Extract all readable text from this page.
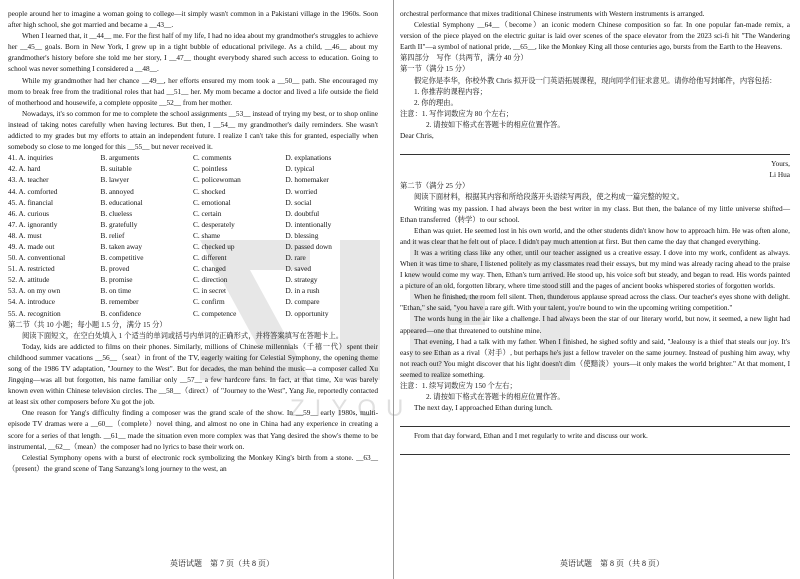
ZIYOU

people around her to imagine a woman going to college—it simply wasn't common in a Pakistani village in the 1960s. Soon after high school, she got married and became a __43__.

When I learned that, it __44__ me. For the first half of my life, I had no idea about my grandmother's struggles to achieve her __45__ goals. Born in New York, I grew up in a tight bubble of educational privilege. As a child, __46__ about my grandmother's history before she told me her story, I __47__ thought everybody shared such access to education. Going to school was never something I considered a __48__.

While my grandmother had her chance __49__, her efforts ensured my mom took a __50__ path. She encouraged my mom to break free from the traditional roles that had __51__ her. My mom became a doctor and lived a life outside the field of motherhood and housewife, a complete opposite __52__ from her mother.

Nowadays, it's so common for me to complete the school assignments __53__ instead of trying my best, or to shop online instead of taking notes carefully when having lectures. But then, I __54__ my grandmother's daily reminders. She wasn't addicted to my grades but my efforts to attain an independent future. I realize I can't take this for granted, especially when somebody so close to me longed for this __55__ but never received it.

41. A. inquiries	B. arguments	C. comments	D. explanations
42. A. hard	B. suitable	C. pointless	D. typical
43. A. teacher	B. lawyer	C. policewoman	D. homemaker
44. A. comforted	B. annoyed	C. shocked	D. worried
45. A. financial	B. educational	C. emotional	D. social
46. A. curious	B. clueless	C. certain	D. doubtful
47. A. ignorantly	B. gratefully	C. desperately	D. intentionally
48. A. must	B. relief	C. shame	D. blessing
49. A. made out	B. taken away	C. checked up	D. passed down
50. A. conventional	B. competitive	C. different	D. rare
51. A. restricted	B. proved	C. changed	D. saved
52. A. attitude	B. promise	C. direction	D. strategy
53. A. on my own	B. on time	C. in secret	D. in a rush
54. A. introduce	B. remember	C. confirm	D. compare
55. A. recognition	B. confidence	C. competence	D. opportunity

第二节（共 10 小题；每小题 1.5 分，满分 15 分）

阅读下面短文，在空白处填入 1 个适当的单词或括号内单词的正确形式，并将答案填写在答题卡上。

Today, kids are addicted to films on their phones. Similarly, millions of Chinese millennials（千禧一代）spent their childhood summer vacations __56__（seat）in front of the TV, eagerly waiting for Celestial Symphony, the opening theme song of the 1986 TV adaptation, "Journey to the West". But for decades, the man behind the music—a composer called Xu Jingqing—was all but forgotten, his name familiar only __57__ a few hardcore fans. In fact, at that time, Xu was barely known even within Chinese television circles. The __58__（direct）of "Journey to the West", Yang Jie, reportedly contacted at least six other composers before Xu got the job.

One reason for Yang's difficulty finding a composer was the grand scale of the show. In __59__ early 1980s, multi-episode TV dramas were a __60__（complete）novel thing, and almost no one in China had any experience in creating a score for a series of that length. __61__ made the situation even more complex was that Yang desired the show's theme to be instrumental, __62__（mean）the composer had no lyrics to base their work on.

Celestial Symphony opens with a burst of electronic rock symbolizing the Monkey King's birth from a stone. __63__（present）the grand scene of Tang Sanzang's long journey to the west, an

英语试题　第 7 页（共 8 页）

orchestral performance that mixes traditional Chinese instruments with Western instruments is arranged.

Celestial Symphony __64__（become）an iconic modern Chinese composition so far. In one popular fan-made remix, a version of the piece played on the electric guitar is laid over scenes of the space elevator from the 2023 sci-fi hit "The Wandering Earth II"—a symbol of national pride, __65__, like the Monkey King all those centuries ago, bursts from the Earth to the Heavens.

第四部分　写作（共两节，满分 40 分）

第一节（满分 15 分）

假定你是李华，你校外教 Chris 拟开设一门英语拓展课程，现向同学们征求意见。请你给他写封邮件，内容包括：

1. 你推荐的课程内容；

2. 你的理由。

注意：1. 写作词数应为 80 个左右；

2. 请按如下格式在答题卡的相应位置作答。

Dear Chris,

Yours,

Li Hua

第二节（满分 25 分）

阅读下面材料，根据其内容和所给段落开头语续写两段，使之构成一篇完整的短文。

Writing was my passion. I had always been the best writer in my class. But then, the balance of my little universe shifted—Ethan transferred（转学）to our school.

Ethan was quiet. He seemed lost in his own world, and the other students didn't know how to approach him. He was often alone, and it was clear that he felt out of place. I didn't pay much attention at first. But then came the day that changed everything.

It was a writing class like any other, until our teacher assigned us a creative essay. I dove into my work, confident as always. When it was time to share, I listened politely as my classmates read their essays, but my mind was already racing ahead to the praise I knew would come my way. Then, Ethan's turn arrived. He stood up, his voice soft but steady, and began to read. His words painted a picture of an old, forgotten library, where time stood still and the pages of ancient books whispered stories of forgotten worlds.

When he finished, the room fell silent. Then, thunderous applause spread across the class. Our teacher's eyes shone with delight. "Ethan," she said, "you have a rare gift. With your talent, you're bound to win the upcoming writing competition."

The words hung in the air like a challenge. I had always been the star of our literary world, but now, it seemed, a new light had appeared—one that threatened to outshine mine.

That evening, I had a talk with my father. When I finished, he sighed softly and said, "Jealousy is a thief that steals our joy. It's easy to see Ethan as a rival（对手）, but perhaps he's just a fellow traveler on the same journey. Instead of pushing him away, why not reach out? You might discover that his light doesn't dim（使黯淡）yours—it only makes the world brighter." At that moment, I seemed to realize something.

注意：1. 续写词数应为 150 个左右；

2. 请按如下格式在答题卡的相应位置作答。

The next day, I approached Ethan during lunch.

From that day forward, Ethan and I met regularly to write and discuss our work.

英语试题　第 8 页（共 8 页）
